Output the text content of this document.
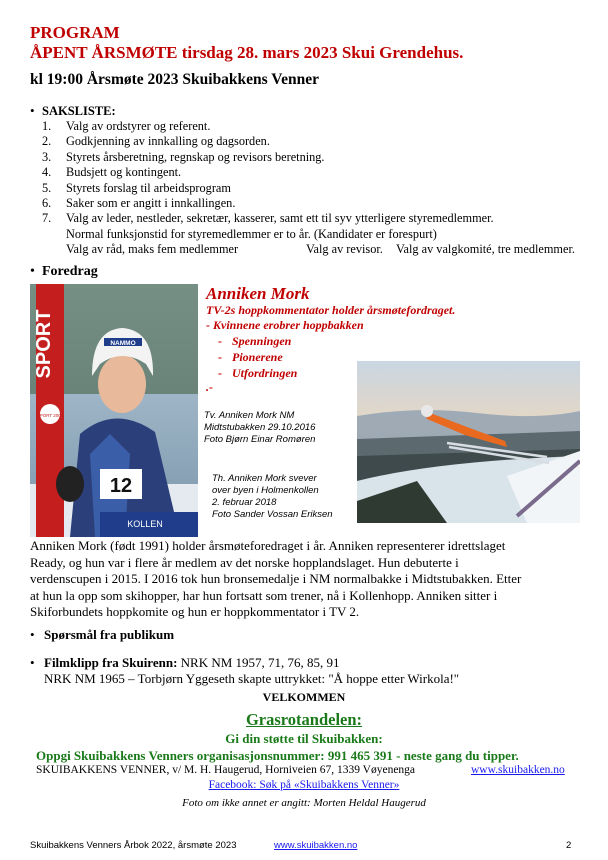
PROGRAM
ÅPENT ÅRSMØTE tirsdag 28. mars 2023 Skui Grendehus.
kl 19:00 Årsmøte 2023 Skuibakkens Venner
• SAKSLISTE:
1.	Valg av ordstyrer og referent.
2.	Godkjenning av innkalling og dagsorden.
3.	Styrets årsberetning, regnskap og revisors beretning.
4.	Budsjett og kontingent.
5.	Styrets forslag til arbeidsprogram
6.	Saker som er angitt i innkallingen.
7.	Valg av leder, nestleder, sekretær, kasserer, samt ett til syv ytterligere styremedlemmer.
Normal funksjonstid for styremedlemmer er to år. (Kandidater er forespurt)
Valg av råd, maks fem medlemmer	Valg av revisor. Valg av valgkomité, tre medlemmer.
• Foredrag
12
NAMMO
SPORT
SPORT 2000
KOLLEN
Anniken Mork
TV-2s hoppkommentator holder årsmøtefordraget.
- Kvinnene erobrer hoppbakken
- Spenningen
- Pionerene
- Utfordringen
.-
Tv. Anniken Mork NM
Midtstubakken 29.10.2016
Foto Bjørn Einar Romøren
Th. Anniken Mork svever
over byen i Holmenkollen
2. februar 2018
Foto Sander Vossan Eriksen
Anniken Mork (født 1991) holder årsmøteforedraget i år. Anniken representerer idrettslaget
Ready, og hun var i flere år medlem av det norske hopplandslaget. Hun debuterte i
verdenscupen i 2015. I 2016 tok hun bronsemedalje i NM normalbakke i Midtstubakken. Etter
at hun la opp som skihopper, har hun fortsatt som trener, nå i Kollenhopp. Anniken sitter i
Skiforbundets hoppkomite og hun er hoppkommentator i TV 2.
• Spørsmål fra publikum
• Filmklipp fra Skuirenn: NRK NM 1957, 71, 76, 85, 91
NRK NM 1965 – Torbjørn Yggeseth skapte uttrykket: "Å hoppe etter Wirkola!"
VELKOMMEN
Grasrotandelen:
Gi din støtte til Skuibakken:
Oppgi Skuibakkens Venners organisasjonsnummer: 991 465 391 - neste gang du tipper.
SKUIBAKKENS VENNER, v/ M. H. Haugerud, Horniveien 67, 1339 Vøyenenga	www.skuibakken.no
Facebook: Søk på «Skuibakkens Venner»
Foto om ikke annet er angitt: Morten Heldal Haugerud
Skuibakkens Venners Årbok 2022, årsmøte 2023	www.skuibakken.no	2
